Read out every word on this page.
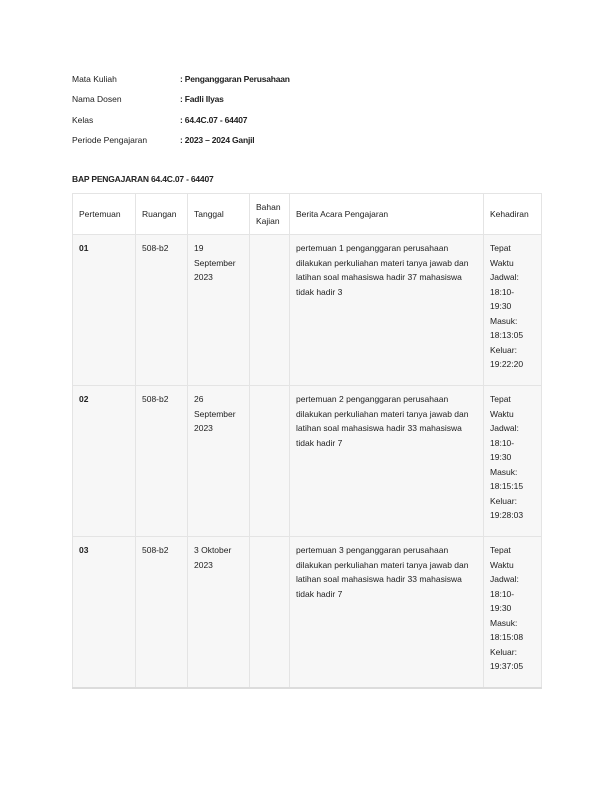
Mata Kuliah	: Penganggaran Perusahaan
Nama Dosen	: Fadli Ilyas
Kelas	: 64.4C.07 - 64407
Periode Pengajaran	: 2023 – 2024 Ganjil
BAP PENGAJARAN 64.4C.07 - 64407
Pertemuan	Ruangan	Tanggal	Bahan Kajian	Berita Acara Pengajaran	Kehadiran
01	508-b2	19 September 2023		pertemuan 1 penganggaran perusahaan dilakukan perkuliahan materi tanya jawab dan latihan soal mahasiswa hadir 37 mahasiswa tidak hadir 3	Tepat Waktu Jadwal: 18:10-19:30 Masuk: 18:13:05 Keluar: 19:22:20
02	508-b2	26 September 2023		pertemuan 2 penganggaran perusahaan dilakukan perkuliahan materi tanya jawab dan latihan soal mahasiswa hadir 33 mahasiswa tidak hadir 7	Tepat Waktu Jadwal: 18:10-19:30 Masuk: 18:15:15 Keluar: 19:28:03
03	508-b2	3 Oktober 2023		pertemuan 3 penganggaran perusahaan dilakukan perkuliahan materi tanya jawab dan latihan soal mahasiswa hadir 33 mahasiswa tidak hadir 7	Tepat Waktu Jadwal: 18:10-19:30 Masuk: 18:15:08 Keluar: 19:37:05
